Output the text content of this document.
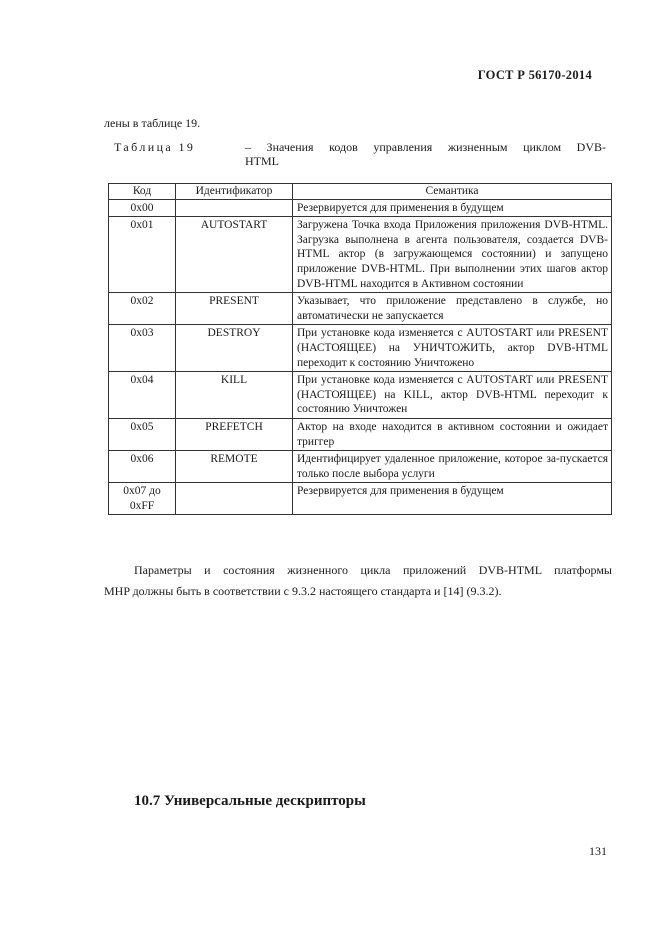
ГОСТ Р 56170-2014
лены в таблице 19.
Таблица 19	– Значения кодов управления жизненным циклом DVB-
HTML
Код	Идентификатор	Семантика
0x00		Резервируется для применения в будущем
0x01	AUTOSTART	Загружена Точка входа Приложения приложения DVB-HTML. Загрузка выполнена в агента пользователя, создается DVB-HTML актор (в загружающемся состоянии) и запущено приложение DVB-HTML. При выполнении этих шагов актор DVB-HTML находится в Активном состоянии
0x02	PRESENT	Указывает, что приложение представлено в службе, но автоматически не запускается
0x03	DESTROY	При установке кода изменяется с AUTOSTART или PRESENT (НАСТОЯЩЕЕ) на УНИЧТОЖИТЬ, актор DVB-HTML переходит к состоянию Уничтожено
0x04	KILL	При установке кода изменяется с AUTOSTART или PRESENT (НАСТОЯЩЕЕ) на KILL, актор DVB-HTML переходит к состоянию Уничтожен
0x05	PREFETCH	Актор на входе находится в активном состоянии и ожидает триггер
0x06	REMOTE	Идентифицирует удаленное приложение, которое за-пускается только после выбора услуги
0x07 до 0xFF		Резервируется для применения в будущем
Параметры и состояния жизненного цикла приложений DVB-HTML платформы
MHP должны быть в соответствии с 9.3.2 настоящего стандарта и [14] (9.3.2).
10.7 Универсальные дескрипторы
131
